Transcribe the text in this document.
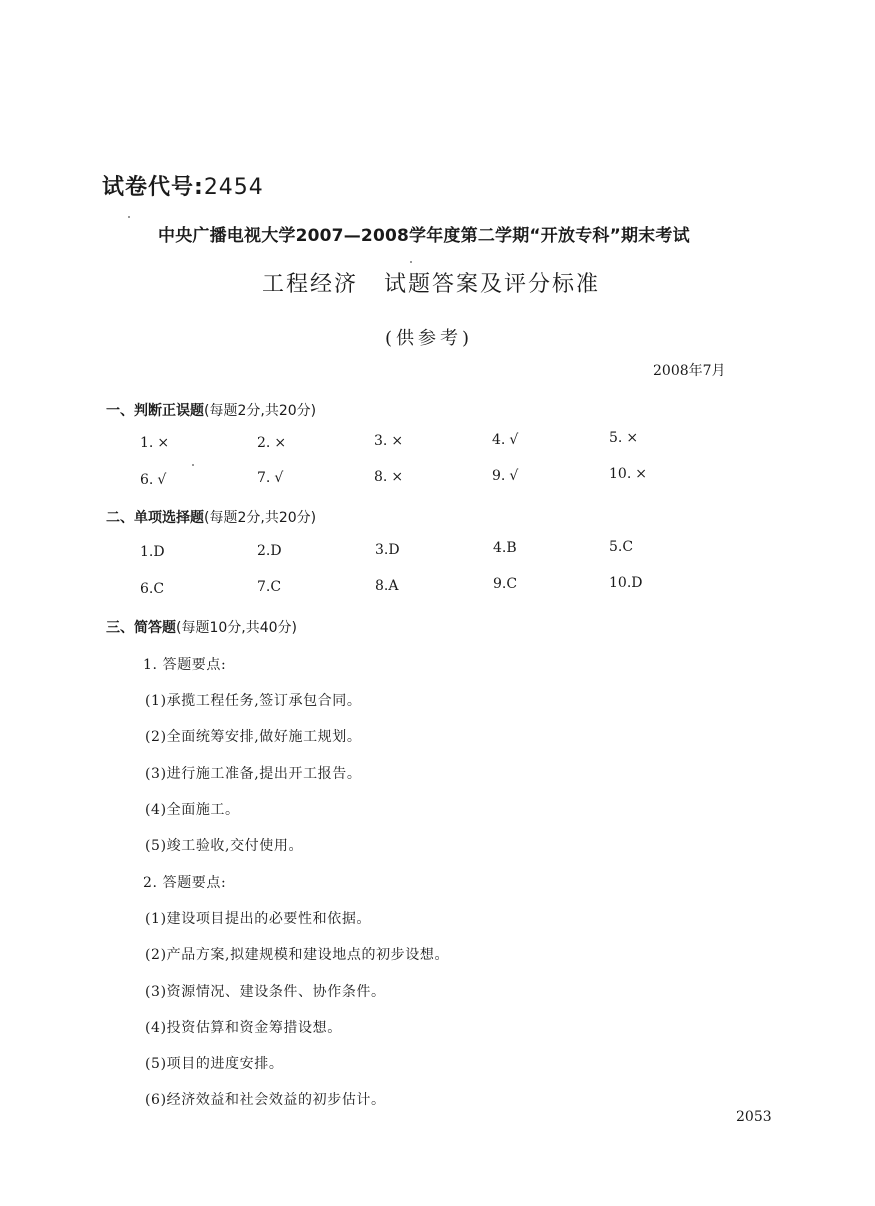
试卷代号:2454
中央广播电视大学2007—2008学年度第二学期“开放专科”期末考试
工程经济 试题答案及评分标准
(供参考)
2008年7月
一、判断正误题(每题2分,共20分)
1. ×	2. ×	3. ×	4. √	5. ×
6. √	7. √	8. ×	9. √	10. ×
二、单项选择题(每题2分,共20分)
1.D	2.D	3.D	4.B	5.C
6.C	7.C	8.A	9.C	10.D
三、简答题(每题10分,共40分)
1. 答题要点:
(1)承揽工程任务,签订承包合同。
(2)全面统筹安排,做好施工规划。
(3)进行施工准备,提出开工报告。
(4)全面施工。
(5)竣工验收,交付使用。
2. 答题要点:
(1)建设项目提出的必要性和依据。
(2)产品方案,拟建规模和建设地点的初步设想。
(3)资源情况、建设条件、协作条件。
(4)投资估算和资金筹措设想。
(5)项目的进度安排。
(6)经济效益和社会效益的初步估计。
2053
